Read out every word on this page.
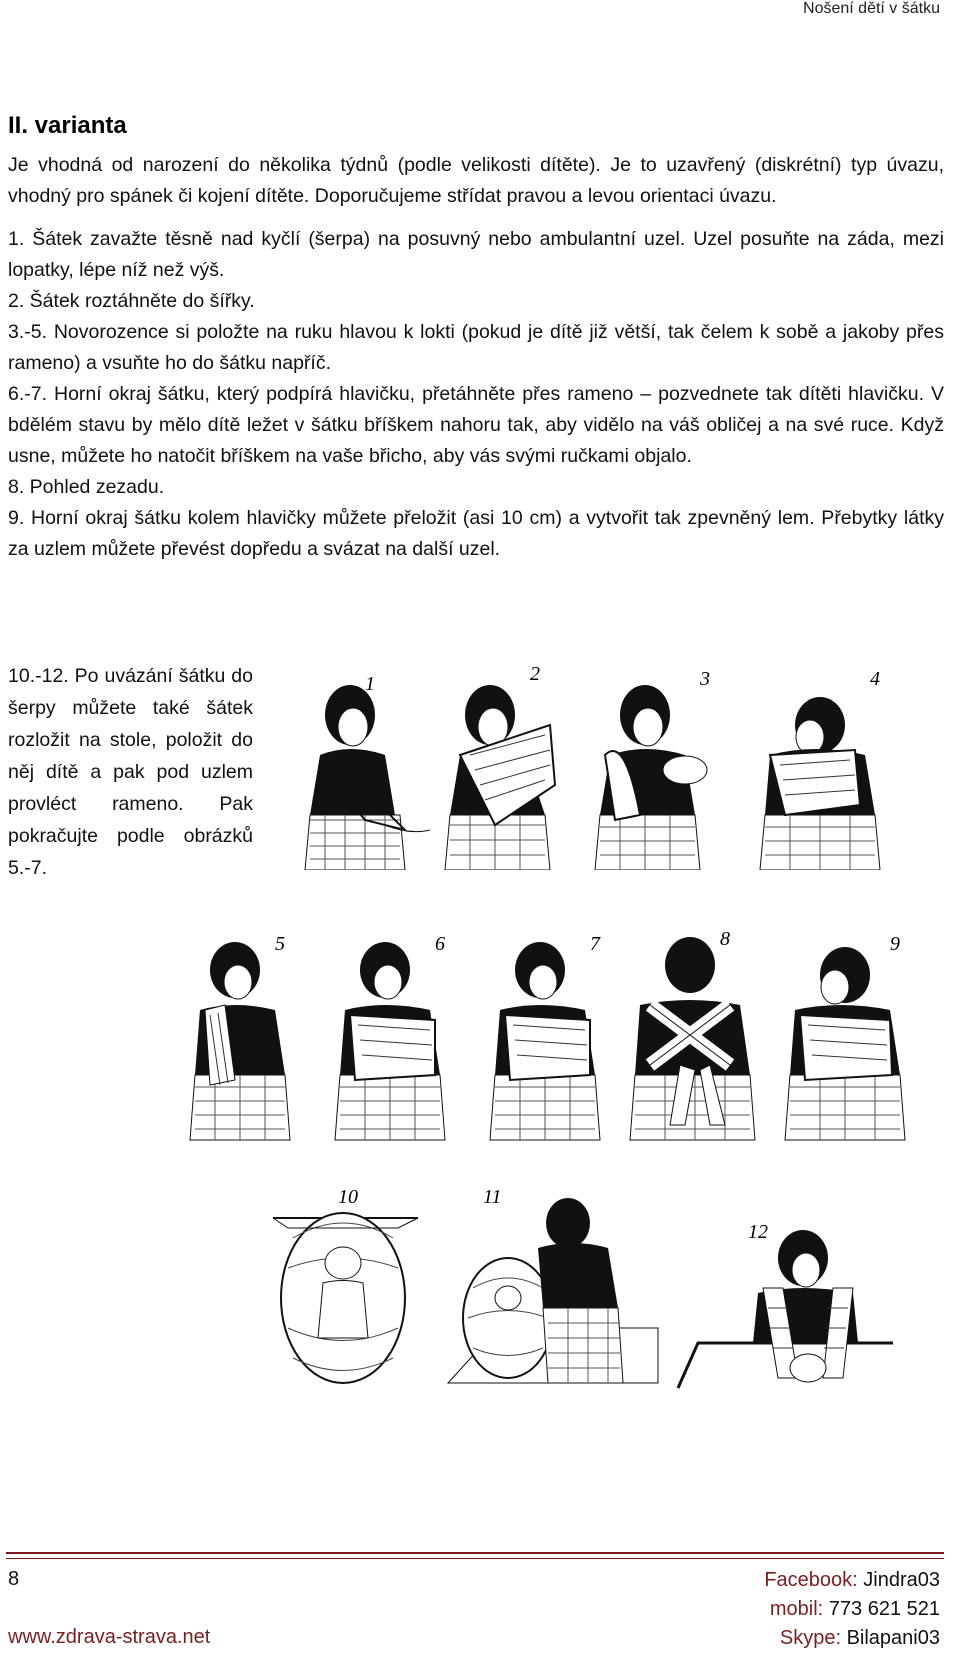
Nošení dětí v šátku
II. varianta

Je vhodná od narození do několika týdnů (podle velikosti dítěte). Je to uzavřený (diskrétní) typ úvazu, vhodný pro spánek či kojení dítěte. Doporučujeme střídat pravou a levou orientaci úvazu.

1. Šátek zavažte těsně nad kyčlí (šerpa) na posuvný nebo ambulantní uzel. Uzel posuňte na záda, mezi lopatky, lépe níž než výš.

2. Šátek roztáhněte do šířky.

3.-5. Novorozence si položte na ruku hlavou k lokti (pokud je dítě již větší, tak čelem k sobě a jakoby přes rameno) a vsuňte ho do šátku napříč.

6.-7. Horní okraj šátku, který podpírá hlavičku, přetáhněte přes rameno – pozvednete tak dítěti hlavičku. V bdělém stavu by mělo dítě ležet v šátku bříškem nahoru tak, aby vidělo na váš obličej a na své ruce. Když usne, můžete ho natočit bříškem na vaše břicho, aby vás svými ručkami objalo.

8. Pohled zezadu.

9. Horní okraj šátku kolem hlavičky můžete přeložit (asi 10 cm) a vytvořit tak zpevněný lem. Přebytky látky za uzlem můžete převést dopředu a svázat na další uzel.

10.-12. Po uvázání šátku do šerpy můžete také šátek rozložit na stole, položit do něj dítě a pak pod uzlem provléct rameno. Pak pokračujte podle obrázků 5.-7.
1	2	3	4
5	6	7	8	9
10	11
12
8
www.zdrava-strava.net
Facebook: Jindra03
mobil: 773 621 521
Skype: Bilapani03
